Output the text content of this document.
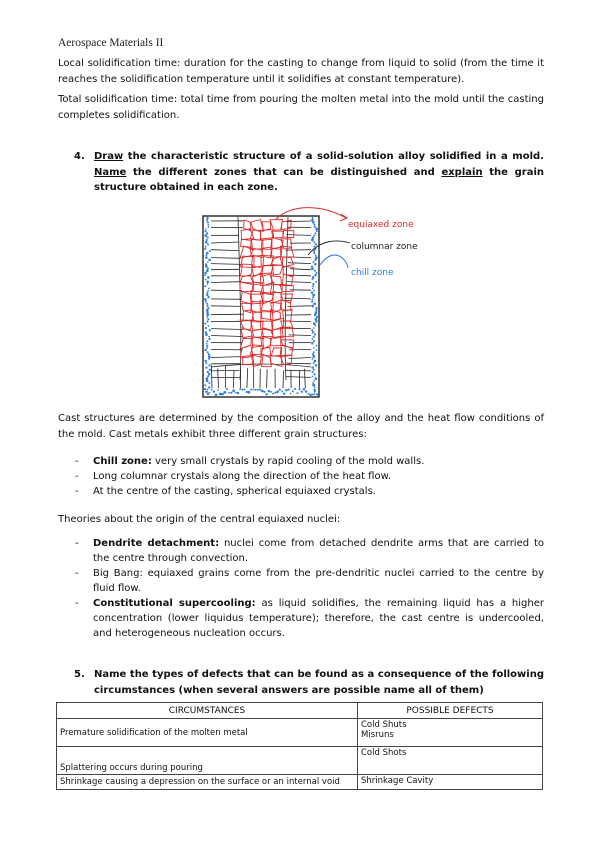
Aerospace Materials II
Local solidification time: duration for the casting to change from liquid to solid (from the time it reaches the solidification temperature until it solidifies at constant temperature).
Total solidification time: total time from pouring the molten metal into the mold until the casting completes solidification.
4. Draw the characteristic structure of a solid-solution alloy solidified in a mold. Name the different zones that can be distinguished and explain the grain structure obtained in each zone.
equiaxed zone
columnar zone
chill zone
Cast structures are determined by the composition of the alloy and the heat flow conditions of the mold. Cast metals exhibit three different grain structures:
- Chill zone: very small crystals by rapid cooling of the mold walls.
- Long columnar crystals along the direction of the heat flow.
- At the centre of the casting, spherical equiaxed crystals.
Theories about the origin of the central equiaxed nuclei:
- Dendrite detachment: nuclei come from detached dendrite arms that are carried to the centre through convection.
- Big Bang: equiaxed grains come from the pre-dendritic nuclei carried to the centre by fluid flow.
- Constitutional supercooling: as liquid solidifies, the remaining liquid has a higher concentration (lower liquidus temperature); therefore, the cast centre is undercooled, and heterogeneous nucleation occurs.
5. Name the types of defects that can be found as a consequence of the following circumstances (when several answers are possible name all of them)
CIRCUMSTANCES	POSSIBLE DEFECTS
Premature solidification of the molten metal	Cold Shuts
Misruns

Splattering occurs during pouring	Cold Shots

Shrinkage causing a depression on the surface or an internal void	Shrinkage Cavity
